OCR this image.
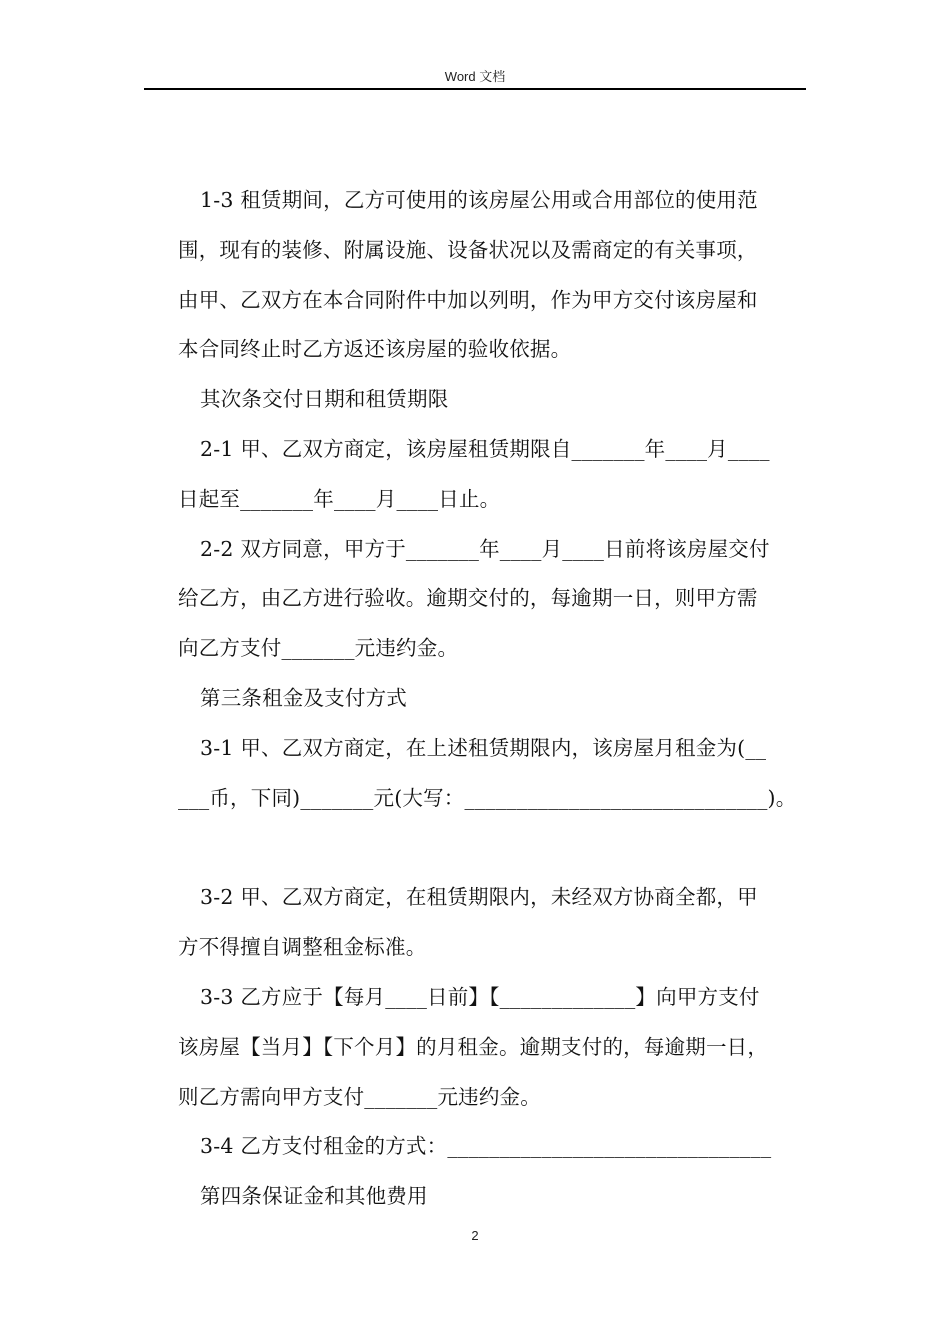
Word 文档

1-3 租赁期间，乙方可使用的该房屋公用或合用部位的使用范
围，现有的装修、附属设施、设备状况以及需商定的有关事项，
由甲、乙双方在本合同附件中加以列明，作为甲方交付该房屋和
本合同终止时乙方返还该房屋的验收依据。

其次条交付日期和租赁期限

2-1 甲、乙双方商定，该房屋租赁期限自_______年____月____
日起至_______年____月____日止。

2-2 双方同意，甲方于_______年____月____日前将该房屋交付
给乙方，由乙方进行验收。逾期交付的，每逾期一日，则甲方需
向乙方支付_______元违约金。

第三条租金及支付方式

3-1 甲、乙双方商定，在上述租赁期限内，该房屋月租金为(__
___币，下同)_______元(大写：_____________________________)。

3-2 甲、乙双方商定，在租赁期限内，未经双方协商全都，甲
方不得擅自调整租金标准。

3-3 乙方应于【每月____日前】【_____________】向甲方支付
该房屋【当月】【下个月】的月租金。逾期支付的，每逾期一日，
则乙方需向甲方支付_______元违约金。

3-4 乙方支付租金的方式：_______________________________

第四条保证金和其他费用

2
